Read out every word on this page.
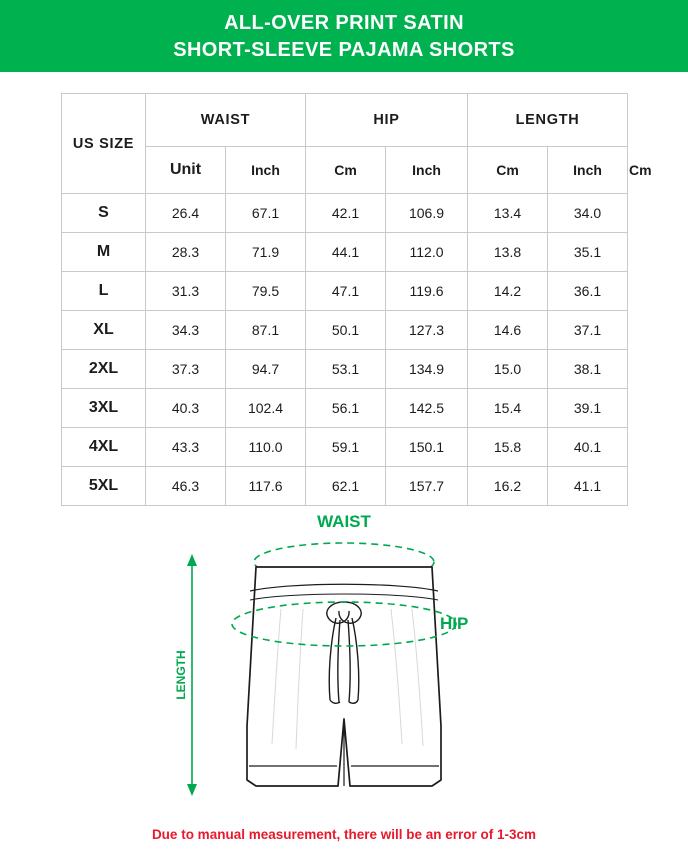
ALL-OVER PRINT SATIN
SHORT-SLEEVE PAJAMA SHORTS
US SIZE	WAIST		HIP		LENGTH		
	Unit	Inch	Cm	Inch	Cm	Inch	Cm
S	26.4	67.1	42.1	106.9	13.4	34.0	
M	28.3	71.9	44.1	112.0	13.8	35.1	
L	31.3	79.5	47.1	119.6	14.2	36.1	
XL	34.3	87.1	50.1	127.3	14.6	37.1	
2XL	37.3	94.7	53.1	134.9	15.0	38.1	
3XL	40.3	102.4	56.1	142.5	15.4	39.1	
4XL	43.3	110.0	59.1	150.1	15.8	40.1	
5XL	46.3	117.6	62.1	157.7	16.2	41.1	
WAIST
HIP
LENGTH
Due to manual measurement, there will be an error of 1-3cm
